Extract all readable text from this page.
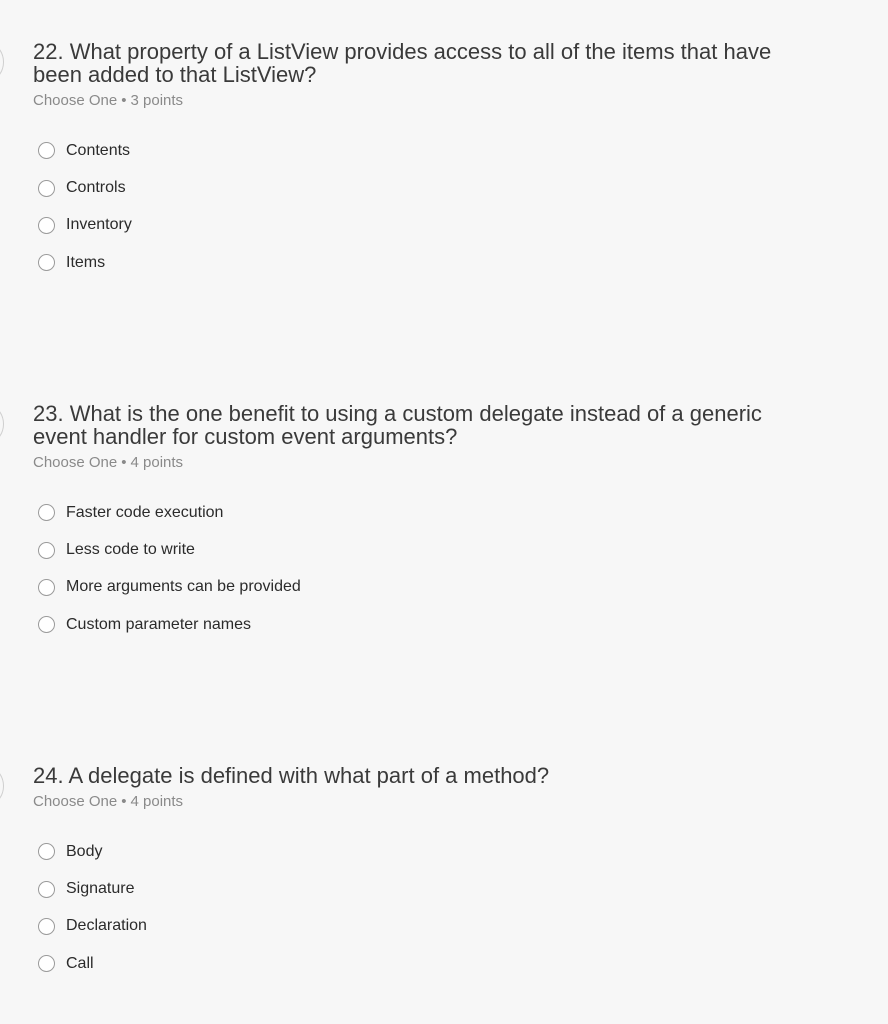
22. What property of a ListView provides access to all of the items that have been added to that ListView?
Choose One • 3 points
Contents
Controls
Inventory
Items
23. What is the one benefit to using a custom delegate instead of a generic event handler for custom event arguments?
Choose One • 4 points
Faster code execution
Less code to write
More arguments can be provided
Custom parameter names
24. A delegate is defined with what part of a method?
Choose One • 4 points
Body
Signature
Declaration
Call
